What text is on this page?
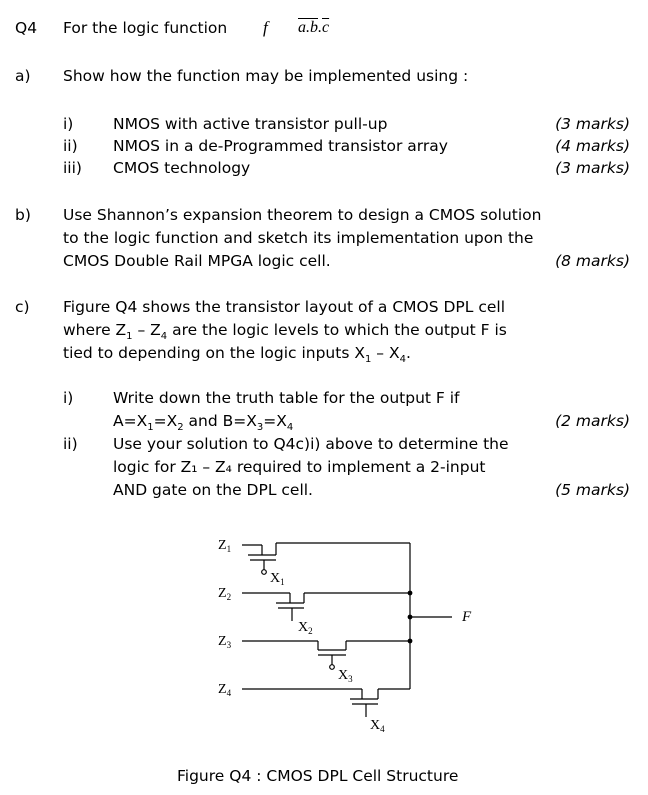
Q4 For the logic function f $\overline{a}.\overline{b}.\overline{c}$
a) Show how the function may be implemented using :
i)	NMOS with active transistor pull-up	(3 marks)
ii) NMOS in a de-Programmed transistor array	(4 marks)
iii) CMOS technology	(3 marks)
b) Use Shannon’s expansion theorem to design a CMOS solution
to the logic function and sketch its implementation upon the
CMOS Double Rail MPGA logic cell.	(8 marks)
c) Figure Q4 shows the transistor layout of a CMOS DPL cell
where $Z_1 - Z_4$ are the logic levels to which the output F is
tied to depending on the logic inputs $X_1 - X_4$.
i)	Write down the truth table for the output F if
$A=X_1=X_2$ and $B=X_3=X_4$	(2 marks)
ii) Use your solution to Q4c)i) above to determine the
logic for Z₁ – Z₄ required to implement a 2-input
AND gate on the DPL cell.	(5 marks)
$Z_1$
$Z_2$
$Z_3$
$Z_4$
$X_1$
$X_2$
$X_3$
$X_4$
F
Figure Q4 : CMOS DPL Cell Structure
